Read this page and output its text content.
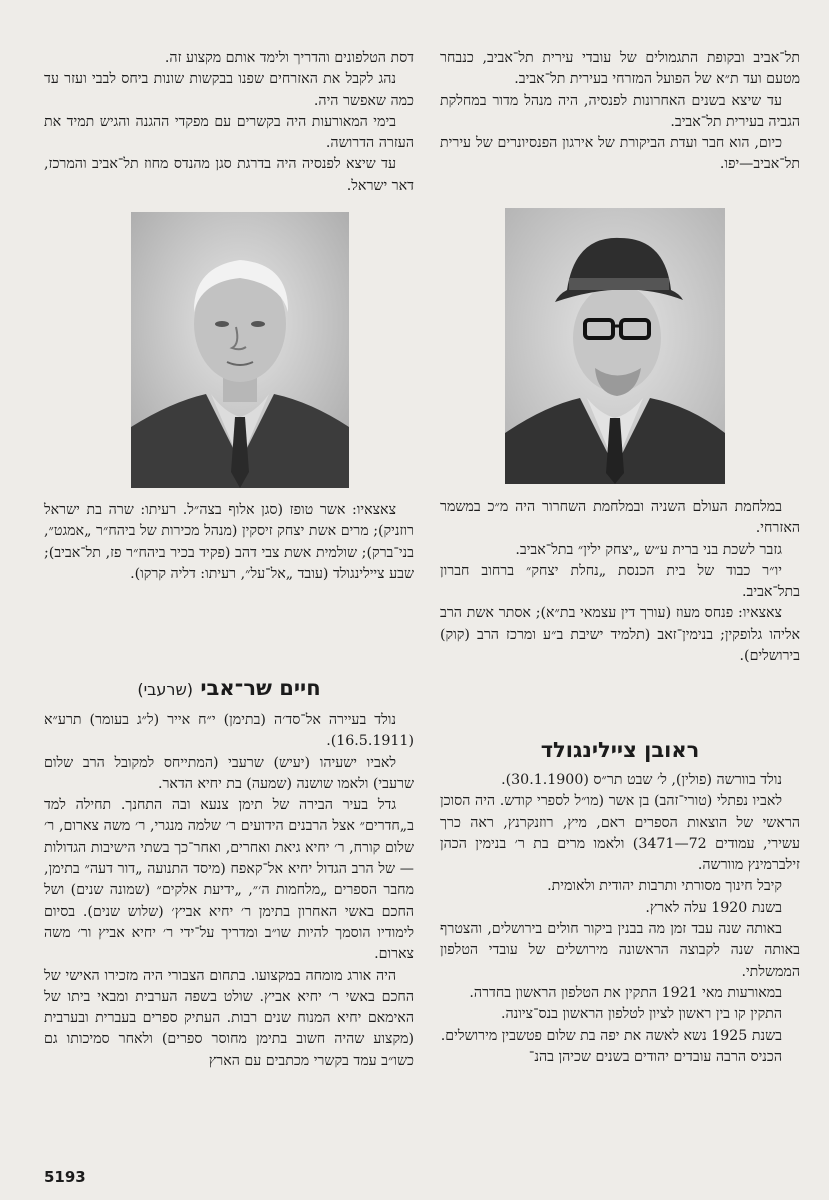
תל־אביב ובקופת התגמולים של עובדי עירית תל־אביב, כנבחר מטעם ועד ת״א של הפועל המזרחי בעירית תל־אביב.

עד שיצא בשנים האחרונות לפנסיה, היה מנהל מדור במחלקת הגביה בעירית תל־אביב.

כיום, הוא חבר ועדת הביקורת של אירגון הפנסיונרים של עירית תל־אביב—יפו.

דסת הטלפונים והדריך ולימד אותם מקצוע זה.

נהג לקבל את האזרחים שפנו בבקשות שונות ביחס לבבי ועזר עד כמה שאפשר היה.

בימי המאורעות היה בקשרים עם מפקדי ההגנה והגיש תמיד את העזרה הדרושה.

עד שיצא לפנסיה היה בדרגת סגן מהנדס מחוז תל־אביב והמרכז, דאר ישראל.

במלחמת העולם השניה ובמלחמת השחרור היה מ״כ במשמר האזרחי.

גזבר לשכת בני ברית ע״ש „יצחק ילין״ בתל־אביב.

יו״ר כבוד של בית הכנסת „נחלת יצחק״ ברחוב חברון בתל־אביב.

צאצאיו: פנחס מעוז (עורך דין עצמאי בת״א); אסתר אשת הרב אליהו גלופקין; בנימין־זאב (תלמיד ישיבת ב״ע ומרכז הרב (קוק) בירושלים).

צאצאיו: אשר טופז (סגן אלוף בצה״ל. רעיתו: שרה בת ישראל רוזניק); מרים אשת יצחק זיסקין (מנהל מכירות של ביהח״ר „אמגט״, בני־ברק); שולמית אשת צבי דהב (פקיד בכיר ביהח״ר פז, תל־אביב); שבע ציילינגולד (עובד „אל־על״, רעיתו: דליה קרקו).

ראובן ציילינגולד
חיים שר־אבי (שרעבי)

נולד בוורשה (פולין), ל׳ שבט תר״ס (30.1.1900).

לאביו נפתלי (טורי־זהב) בן אשר (מו״ל לספרי קודש. היה הסוכן הראשי של הוצאות הספרים ראם, מיץ, רוזנקרנץ, ראה כרך עשירי, עמודים 72—3471) ולאמו מרים בת ר׳ בנימין הכהן זילברמינץ מוורשה.

קיבל חינוך מסורתי ותרבות יהודית ולאומית.

בשנת 1920 עלה לארץ.

באותה שנה עבד זמן מה בבנין ביקור חולים בירושלים, והצטרף באותה שנה לקבוצה הראשונה מירושלים של עובדי הטלפון הממשלתי.

במאורעות מאי 1921 התקין את הטלפון הראשון בחדרה.

התקין קו בין ראשון לציון לטלפון הראשון בנס־ציונה.

בשנת 1925 נשא לאשה את יפה בת שלום פטשבין מירושלים.

הכניס הרבה עובדים יהודים בשנים שכיהן בהנ־

נולד בעיירה אל־סד׳ה (בתימן) י״ח אייר (ל״ג בעומר) תרע״א (16.5.1911).

לאביו ישעיהו (יעיש) שרעבי (המתייחס למקובל הרב שלום שרעבי) ולאמו שושנה (שמעה) בת יחיא הדאר.

גדל בעיר הבירה של תימן צנעא ובה התחנך. תחילה למד ב„חדרים״ אצל הרבנים הידועים ר׳ שלמה מנגרי, ר׳ משה צארום, ר׳ שלום קורח, ר׳ יחיא גיאת ואחרים, ואחר־כך בשתי הישיבות הגדולות — של הרב הגדול יחיא אל־קאפח (מיסד התנועה „דור דעה״ בתימן, מחבר הספרים „מלחמות ה׳״, „ידיעת אלקים״ (שמונה שנים) ושל החכם באשי האחרון בתימן ר׳ יחיא אביץ׳ (שלוש שנים). בסיום לימודיו הוסמך להיות שו״ב ומדריך על־ידי ר׳ יחיא אביץ ור׳ משה צארום.

היה אורג מומחה במקצועו. בתחום הצבורי היה מזכירו האישי של החכם באשי ר׳ יחיא אביץ. שולט בשפה הערבית ומבאי ביתו של האימאם יחיא המנוח שנים רבות. העתיק ספרים בעברית ובערבית (מקצוע שהיה חשוב בתימן מחוסר ספרים) ולאחר סמיכותו גם כשו״ב עמד בקשרי מכתבים עם הארץ

5193
